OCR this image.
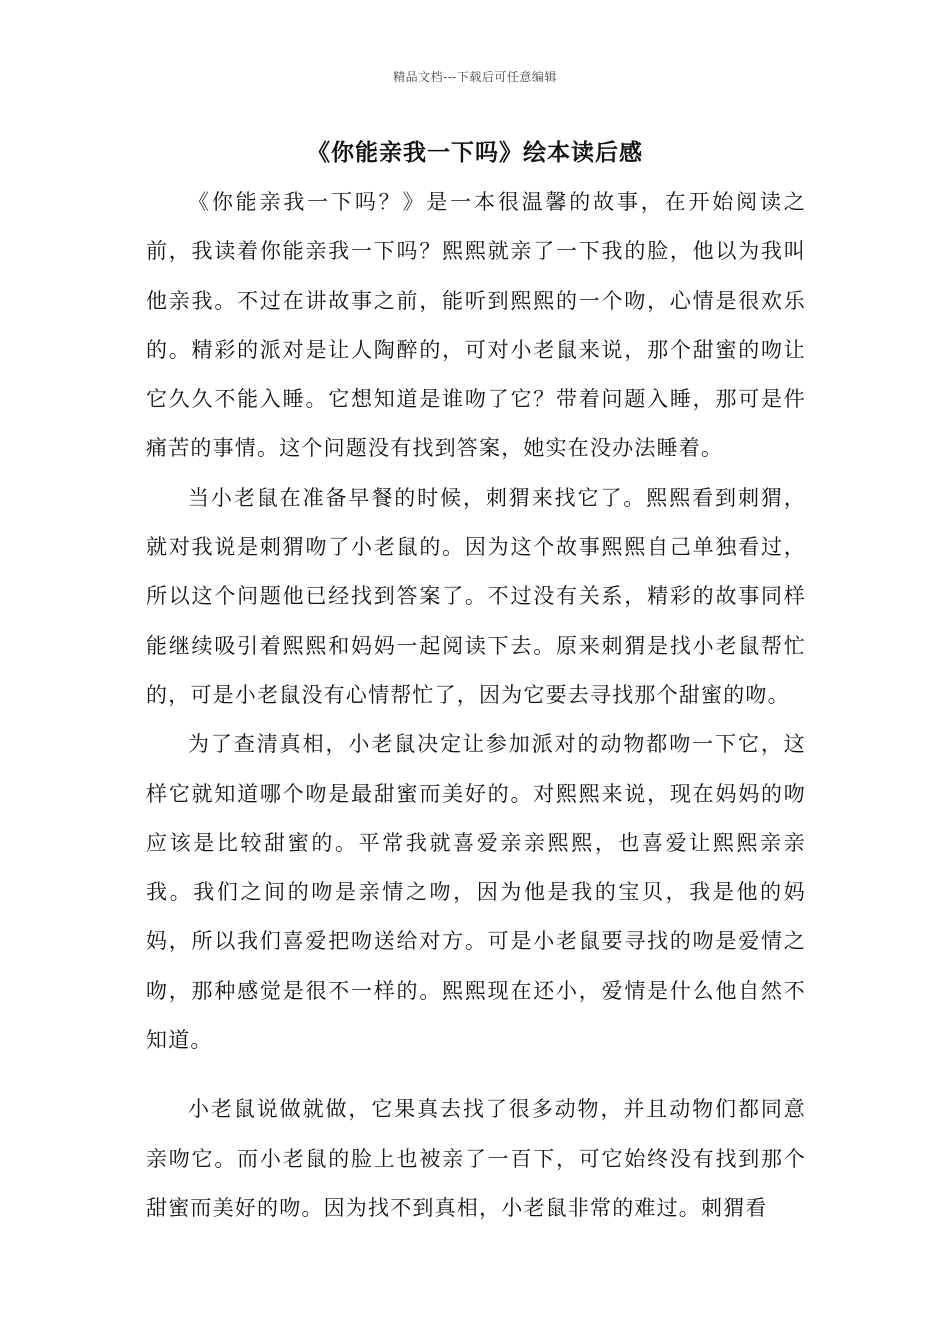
精品文档---下载后可任意编辑
《你能亲我一下吗》绘本读后感

《你能亲我一下吗？》是一本很温馨的故事，在开始阅读之前，我读着你能亲我一下吗？熙熙就亲了一下我的脸，他以为我叫他亲我。不过在讲故事之前，能听到熙熙的一个吻，心情是很欢乐的。精彩的派对是让人陶醉的，可对小老鼠来说，那个甜蜜的吻让它久久不能入睡。它想知道是谁吻了它？带着问题入睡，那可是件痛苦的事情。这个问题没有找到答案，她实在没办法睡着。

当小老鼠在准备早餐的时候，刺猬来找它了。熙熙看到刺猬，就对我说是刺猬吻了小老鼠的。因为这个故事熙熙自己单独看过，所以这个问题他已经找到答案了。不过没有关系，精彩的故事同样能继续吸引着熙熙和妈妈一起阅读下去。原来刺猬是找小老鼠帮忙的，可是小老鼠没有心情帮忙了，因为它要去寻找那个甜蜜的吻。

为了查清真相，小老鼠决定让参加派对的动物都吻一下它，这样它就知道哪个吻是最甜蜜而美好的。对熙熙来说，现在妈妈的吻应该是比较甜蜜的。平常我就喜爱亲亲熙熙，也喜爱让熙熙亲亲我。我们之间的吻是亲情之吻，因为他是我的宝贝，我是他的妈妈，所以我们喜爱把吻送给对方。可是小老鼠要寻找的吻是爱情之吻，那种感觉是很不一样的。熙熙现在还小，爱情是什么他自然不知道。

小老鼠说做就做，它果真去找了很多动物，并且动物们都同意亲吻它。而小老鼠的脸上也被亲了一百下，可它始终没有找到那个甜蜜而美好的吻。因为找不到真相，小老鼠非常的难过。刺猬看
